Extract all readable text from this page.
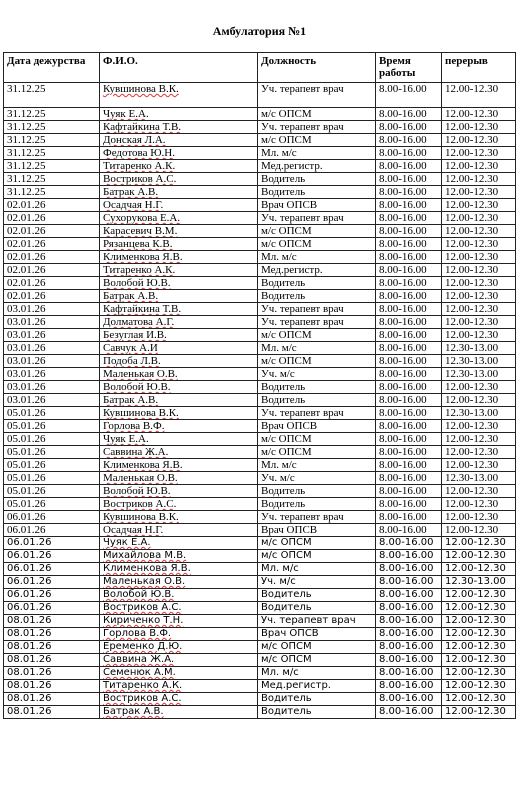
Амбулатория №1
Дата дежурства	Ф.И.О.	Должность	Время работы	перерыв
31.12.25	Кувшинова В.К.	Уч. терапевт врач	8.00-16.00	12.00-12.30
31.12.25	Чуяк Е.А.	м/с ОПСМ	8.00-16.00	12.00-12.30
31.12.25	Кафтайкина Т.В.	Уч. терапевт врач	8.00-16.00	12.00-12.30
31.12.25	Донская Л.А.	м/с ОПСМ	8.00-16.00	12.00-12.30
31.12.25	Федотова Ю.Н.	Мл. м/с	8.00-16.00	12.00-12.30
31.12.25	Титаренко А.К.	Мед.регистр.	8.00-16.00	12.00-12.30
31.12.25	Востриков А.С.	Водитель	8.00-16.00	12.00-12.30
31.12.25	Батрак А.В.	Водитель	8.00-16.00	12.00-12.30
02.01.26	Осадчая Н.Г.	Врач ОПСВ	8.00-16.00	12.00-12.30
02.01.26	Сухорукова Е.А.	Уч. терапевт врач	8.00-16.00	12.00-12.30
02.01.26	Карасевич В.М.	м/с ОПСМ	8.00-16.00	12.00-12.30
02.01.26	Рязанцева К.В.	м/с ОПСМ	8.00-16.00	12.00-12.30
02.01.26	Клименкова Я.В.	Мл. м/с	8.00-16.00	12.00-12.30
02.01.26	Титаренко А.К.	Мед.регистр.	8.00-16.00	12.00-12.30
02.01.26	Волобой Ю.В.	Водитель	8.00-16.00	12.00-12.30
02.01.26	Батрак А.В.	Водитель	8.00-16.00	12.00-12.30
03.01.26	Кафтайкина Т.В.	Уч. терапевт врач	8.00-16.00	12.00-12.30
03.01.26	Долматова А.Г.	Уч. терапевт врач	8.00-16.00	12.00-12.30
03.01.26	Безуглая И.В.	м/с ОПСМ	8.00-16.00	12.00-12.30
03.01.26	Савчук А.И	Мл. м/с	8.00-16.00	12.30-13.00
03.01.26	Подоба Л.В.	м/с ОПСМ	8.00-16.00	12.30-13.00
03.01.26	Маленькая О.В.	Уч. м/с	8.00-16.00	12.30-13.00
03.01.26	Волобой Ю.В.	Водитель	8.00-16.00	12.00-12.30
03.01.26	Батрак А.В.	Водитель	8.00-16.00	12.00-12.30
05.01.26	Кувшинова В.К.	Уч. терапевт врач	8.00-16.00	12.30-13.00
05.01.26	Горлова В.Ф.	Врач ОПСВ	8.00-16.00	12.00-12.30
05.01.26	Чуяк Е.А.	м/с ОПСМ	8.00-16.00	12.00-12.30
05.01.26	Саввина Ж.А.	м/с ОПСМ	8.00-16.00	12.00-12.30
05.01.26	Клименкова Я.В.	Мл. м/с	8.00-16.00	12.00-12.30
05.01.26	Маленькая О.В.	Уч. м/с	8.00-16.00	12.30-13.00
05.01.26	Волобой Ю.В.	Водитель	8.00-16.00	12.00-12.30
05.01.26	Востриков А.С.	Водитель	8.00-16.00	12.00-12.30
06.01.26	Кувшинова В.К.	Уч. терапевт врач	8.00-16.00	12.00-12.30
06.01.26	Осадчая Н.Г.	Врач ОПСВ	8.00-16.00	12.00-12.30
06.01.26	Чуяк Е.А.	м/с ОПСМ	8.00-16.00	12.00-12.30
06.01.26	Михайлова М.В.	м/с ОПСМ	8.00-16.00	12.00-12.30
06.01.26	Клименкова Я.В.	Мл. м/с	8.00-16.00	12.00-12.30
06.01.26	Маленькая О.В.	Уч. м/с	8.00-16.00	12.30-13.00
06.01.26	Волобой Ю.В.	Водитель	8.00-16.00	12.00-12.30
06.01.26	Востриков А.С.	Водитель	8.00-16.00	12.00-12.30
08.01.26	Кириченко Т.Н.	Уч. терапевт врач	8.00-16.00	12.00-12.30
08.01.26	Горлова В.Ф.	Врач ОПСВ	8.00-16.00	12.00-12.30
08.01.26	Еременко Д.Ю.	м/с ОПСМ	8.00-16.00	12.00-12.30
08.01.26	Саввина Ж.А.	м/с ОПСМ	8.00-16.00	12.00-12.30
08.01.26	Семенюк А.М.	Мл. м/с	8.00-16.00	12.00-12.30
08.01.26	Титаренко А.К.	Мед.регистр.	8.00-16.00	12.00-12.30
08.01.26	Востриков А.С.	Водитель	8.00-16.00	12.00-12.30
08.01.26	Батрак А.В.	Водитель	8.00-16.00	12.00-12.30
